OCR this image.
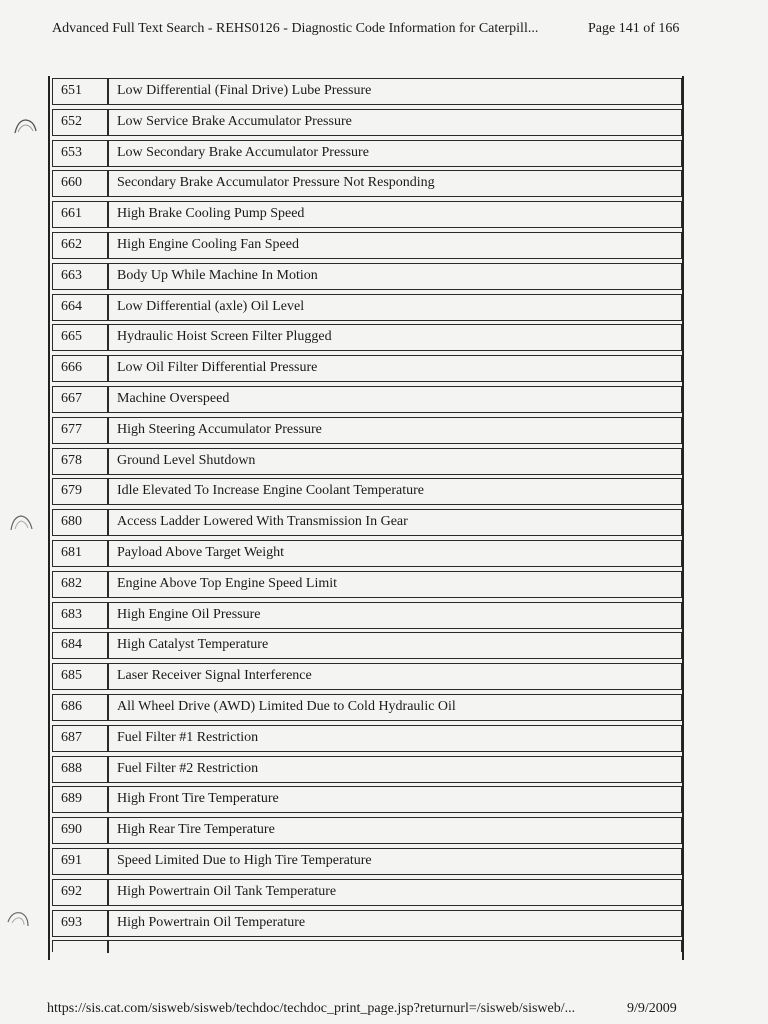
Advanced Full Text Search - REHS0126 - Diagnostic Code Information for Caterpill...	Page 141 of 166
651	Low Differential (Final Drive) Lube Pressure
652	Low Service Brake Accumulator Pressure
653	Low Secondary Brake Accumulator Pressure
660	Secondary Brake Accumulator Pressure Not Responding
661	High Brake Cooling Pump Speed
662	High Engine Cooling Fan Speed
663	Body Up While Machine In Motion
664	Low Differential (axle) Oil Level
665	Hydraulic Hoist Screen Filter Plugged
666	Low Oil Filter Differential Pressure
667	Machine Overspeed
677	High Steering Accumulator Pressure
678	Ground Level Shutdown
679	Idle Elevated To Increase Engine Coolant Temperature
680	Access Ladder Lowered With Transmission In Gear
681	Payload Above Target Weight
682	Engine Above Top Engine Speed Limit
683	High Engine Oil Pressure
684	High Catalyst Temperature
685	Laser Receiver Signal Interference
686	All Wheel Drive (AWD) Limited Due to Cold Hydraulic Oil
687	Fuel Filter #1 Restriction
688	Fuel Filter #2 Restriction
689	High Front Tire Temperature
690	High Rear Tire Temperature
691	Speed Limited Due to High Tire Temperature
692	High Powertrain Oil Tank Temperature
693	High Powertrain Oil Temperature
https://sis.cat.com/sisweb/sisweb/techdoc/techdoc_print_page.jsp?returnurl=/sisweb/sisweb/...	9/9/2009
